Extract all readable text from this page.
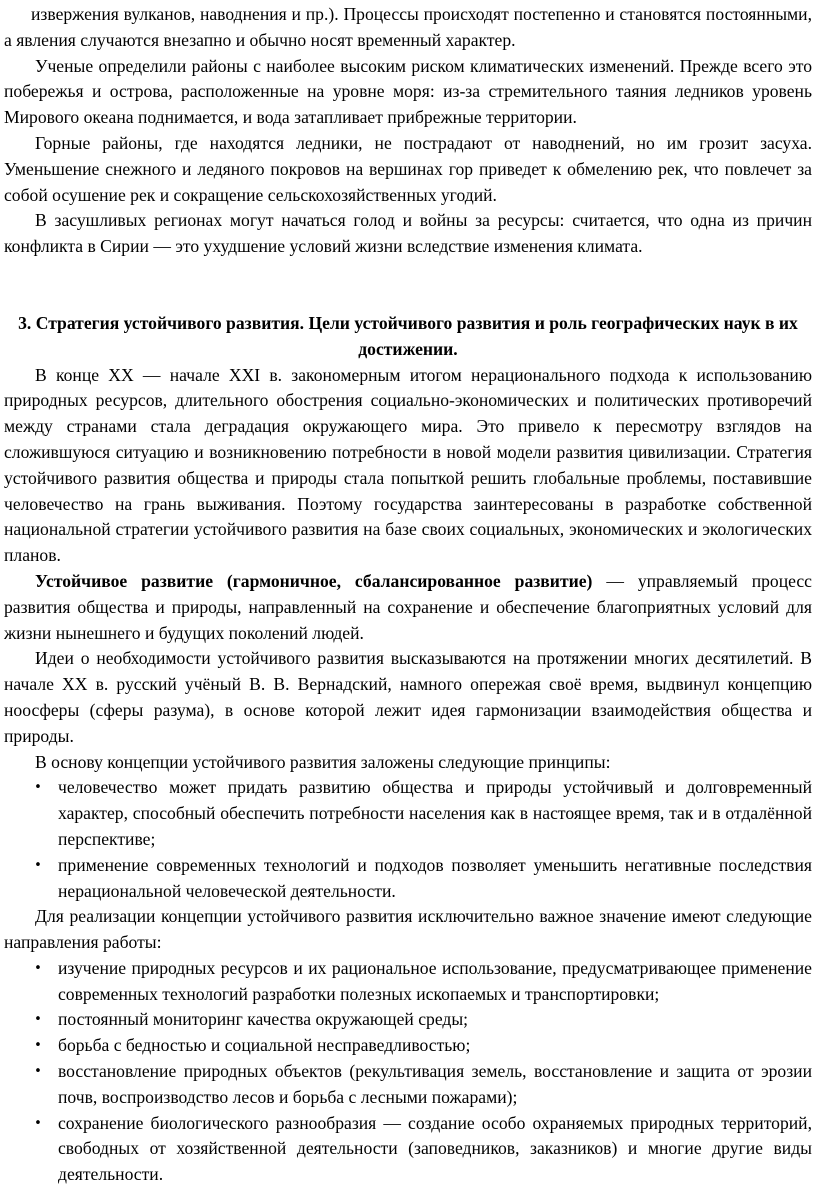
извержения вулканов, наводнения и пр.). Процессы происходят постепенно и становятся постоянными, а явления случаются внезапно и обычно носят временный характер.

Ученые определили районы с наиболее высоким риском климатических изменений. Прежде всего это побережья и острова, расположенные на уровне моря: из-за стремительного таяния ледников уровень Мирового океана поднимается, и вода затапливает прибрежные территории.

Горные районы, где находятся ледники, не пострадают от наводнений, но им грозит засуха. Уменьшение снежного и ледяного покровов на вершинах гор приведет к обмелению рек, что повлечет за собой осушение рек и сокращение сельскохозяйственных угодий.

В засушливых регионах могут начаться голод и войны за ресурсы: считается, что одна из причин конфликта в Сирии — это ухудшение условий жизни вследствие изменения климата.

3. Стратегия устойчивого развития. Цели устойчивого развития и роль географических наук в их достижении.

В конце XX — начале XXI в. закономерным итогом нерационального подхода к использованию природных ресурсов, длительного обострения социально-экономических и политических противоречий между странами стала деградация окружающего мира. Это привело к пересмотру взглядов на сложившуюся ситуацию и возникновению потребности в новой модели развития цивилизации. Стратегия устойчивого развития общества и природы стала попыткой решить глобальные проблемы, поставившие человечество на грань выживания. Поэтому государства заинтересованы в разработке собственной национальной стратегии устойчивого развития на базе своих социальных, экономических и экологических планов.

Устойчивое развитие (гармоничное, сбалансированное развитие) — управляемый процесс развития общества и природы, направленный на сохранение и обеспечение благоприятных условий для жизни нынешнего и будущих поколений людей.

Идеи о необходимости устойчивого развития высказываются на протяжении многих десятилетий. В начале XX в. русский учёный В. В. Вернадский, намного опережая своё время, выдвинул концепцию ноосферы (сферы разума), в основе которой лежит идея гармонизации взаимодействия общества и природы.

В основу концепции устойчивого развития заложены следующие принципы:

• человечество может придать развитию общества и природы устойчивый и долговременный характер, способный обеспечить потребности населения как в настоящее время, так и в отдалённой перспективе;
• применение современных технологий и подходов позволяет уменьшить негативные последствия нерациональной человеческой деятельности.

Для реализации концепции устойчивого развития исключительно важное значение имеют следующие направления работы:

• изучение природных ресурсов и их рациональное использование, предусматривающее применение современных технологий разработки полезных ископаемых и транспортировки;
• постоянный мониторинг качества окружающей среды;
• борьба с бедностью и социальной несправедливостью;
• восстановление природных объектов (рекультивация земель, восстановление и защита от эрозии почв, воспроизводство лесов и борьба с лесными пожарами);
• сохранение биологического разнообразия — создание особо охраняемых природных территорий, свободных от хозяйственной деятельности (заповедников, заказников) и многие другие виды деятельности.
